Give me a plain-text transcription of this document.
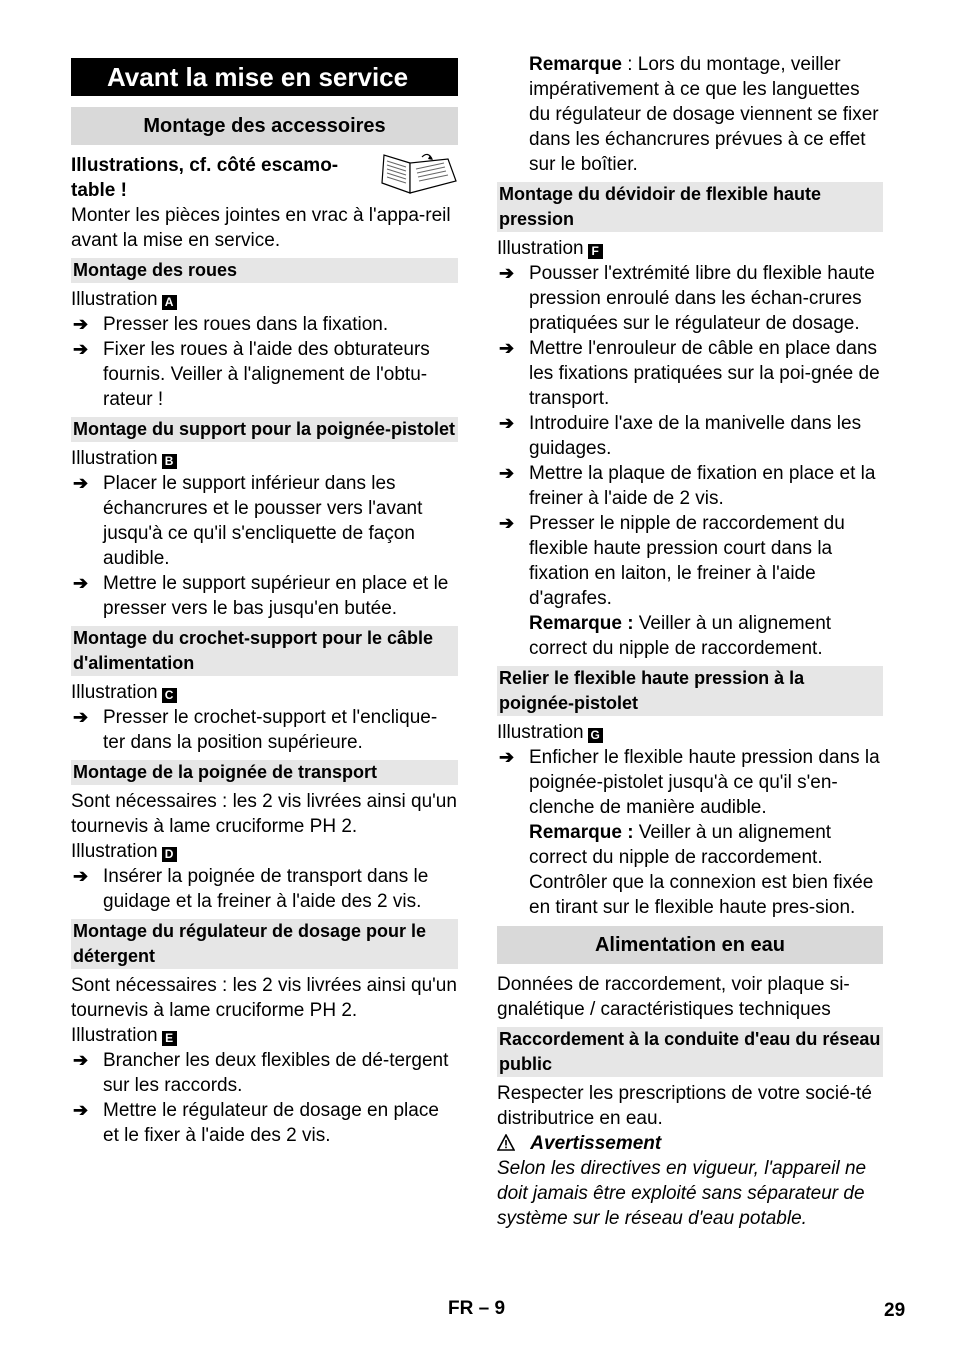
Avant la mise en service
Montage des accessoires

Illustrations, cf. côté escamo-table !

Monter les pièces jointes en vrac à l'appa-reil avant la mise en service.

Montage des roues
Illustration A
➔ Presser les roues dans la fixation.
➔ Fixer les roues à l'aide des obturateurs fournis. Veiller à l'alignement de l'obtu-rateur !
Montage du support pour la poignée-pistolet
Illustration B
➔ Placer le support inférieur dans les échancrures et le pousser vers l'avant jusqu'à ce qu'il s'encliquette de façon audible.
➔ Mettre le support supérieur en place et le presser vers le bas jusqu'en butée.
Montage du crochet-support pour le câble d'alimentation
Illustration C
➔ Presser le crochet-support et l'enclique-ter dans la position supérieure.
Montage de la poignée de transport

Sont nécessaires : les 2 vis livrées ainsi qu'un tournevis à lame cruciforme PH 2.

Illustration D
➔ Insérer la poignée de transport dans le guidage et la freiner à l'aide des 2 vis.
Montage du régulateur de dosage pour le détergent

Sont nécessaires : les 2 vis livrées ainsi qu'un tournevis à lame cruciforme PH 2.

Illustration E
➔ Brancher les deux flexibles de dé-tergent sur les raccords.
➔ Mettre le régulateur de dosage en place et le fixer à l'aide des 2 vis.

Remarque : Lors du montage, veiller impérativement à ce que les languettes du régulateur de dosage viennent se fixer dans les échancrures prévues à ce effet sur le boîtier.

Montage du dévidoir de flexible haute pression
Illustration F
➔ Pousser l'extrémité libre du flexible haute pression enroulé dans les échan-crures pratiquées sur le régulateur de dosage.
➔ Mettre l'enrouleur de câble en place dans les fixations pratiquées sur la poi-gnée de transport.
➔ Introduire l'axe de la manivelle dans les guidages.
➔ Mettre la plaque de fixation en place et la freiner à l'aide de 2 vis.
➔ Presser le nipple de raccordement du flexible haute pression court dans la fixation en laiton, le freiner à l'aide d'agrafes.

Remarque : Veiller à un alignement correct du nipple de raccordement.

Relier le flexible haute pression à la poignée-pistolet
Illustration G
➔ Enficher le flexible haute pression dans la poignée-pistolet jusqu'à ce qu'il s'en-clenche de manière audible.

Remarque : Veiller à un alignement correct du nipple de raccordement.

Contrôler que la connexion est bien fixée en tirant sur le flexible haute pres-sion.

Alimentation en eau

Données de raccordement, voir plaque si-gnalétique / caractéristiques techniques

Raccordement à la conduite d'eau du réseau public

Respecter les prescriptions de votre socié-té distributrice en eau.

Avertissement

Selon les directives en vigueur, l'appareil ne doit jamais être exploité sans séparateur de système sur le réseau d'eau potable.

FR – 9	29
